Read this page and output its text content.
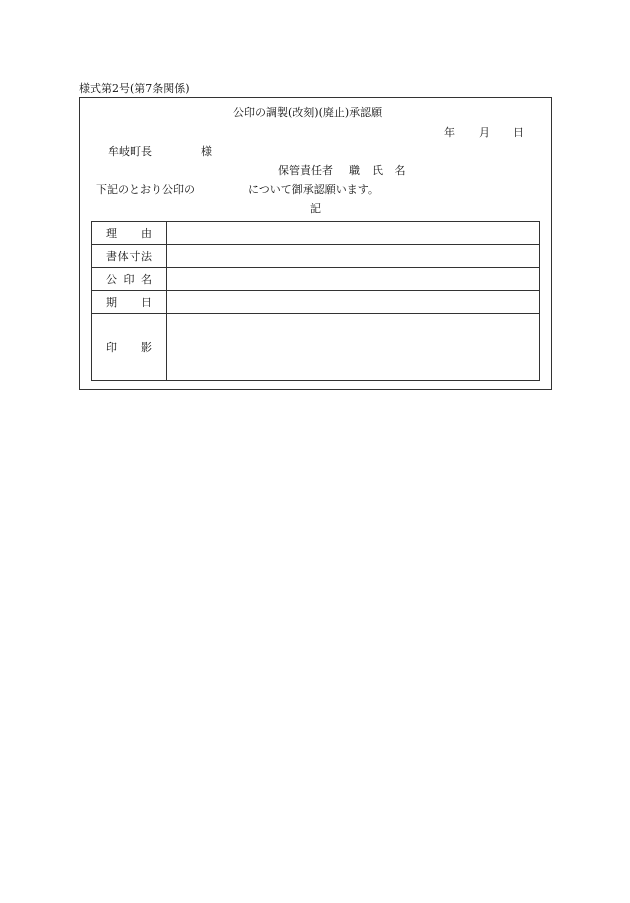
様式第2号(第7条関係)
公印の調製(改刻)(廃止)承認願
年 月 日
牟岐町長	様
保管責任者 職 氏 名
下記のとおり公印の	について御承認願います。
記
理 由	
書体寸法	
公 印 名	
期 日	
印 影	
